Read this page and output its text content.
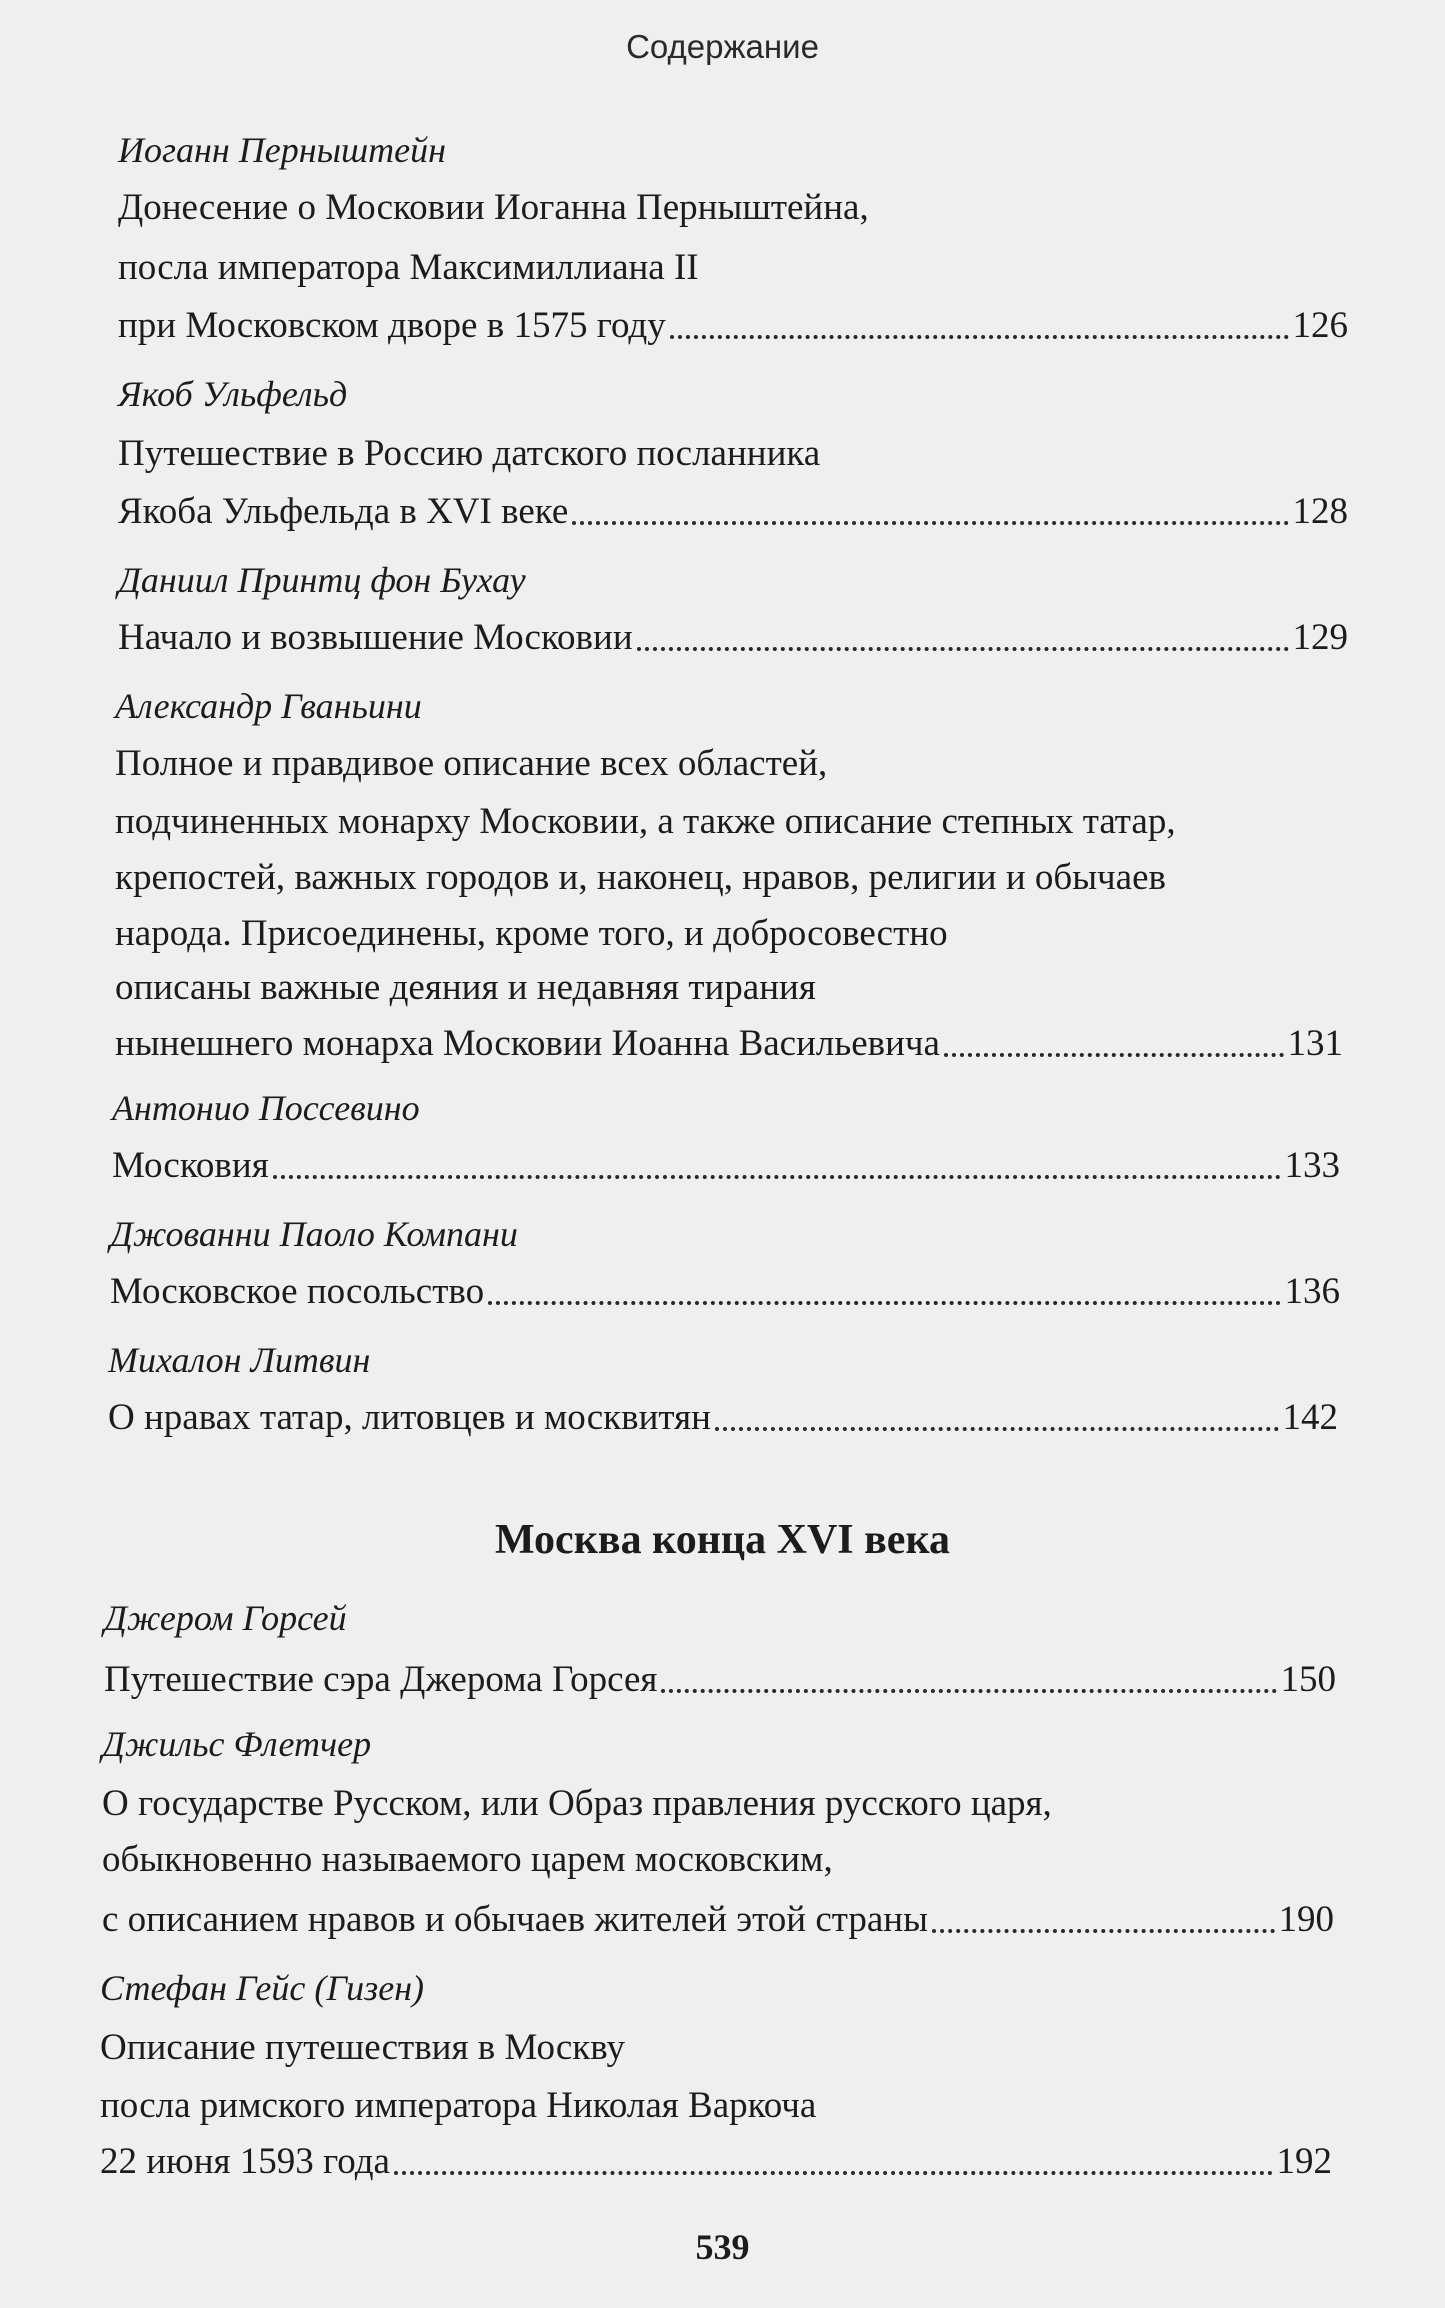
Содержание
Иоганн Перныштейн
Донесение о Московии Иоганна Перныштейна,
посла императора Максимиллиана II
при Московском дворе в 1575 году	126
Якоб Ульфельд
Путешествие в Россию датского посланника
Якоба Ульфельда в XVI веке	128
Даниил Принтц фон Бухау
Начало и возвышение Московии	129
Александр Гваньини
Полное и правдивое описание всех областей,
подчиненных монарху Московии, а также описание степных татар,
крепостей, важных городов и, наконец, нравов, религии и обычаев
народа. Присоединены, кроме того, и добросовестно
описаны важные деяния и недавняя тирания
нынешнего монарха Московии Иоанна Васильевича	131
Антонио Поссевино
Московия	133
Джованни Паоло Компани
Московское посольство	136
Михалон Литвин
О нравах татар, литовцев и москвитян	142
Москва конца XVI века
Джером Горсей
Путешествие сэра Джерома Горсея	150
Джильс Флетчер
О государстве Русском, или Образ правления русского царя,
обыкновенно называемого царем московским,
с описанием нравов и обычаев жителей этой страны	190
Стефан Гейс (Гизен)
Описание путешествия в Москву
посла римского императора Николая Варкоча
22 июня 1593 года	192
539
